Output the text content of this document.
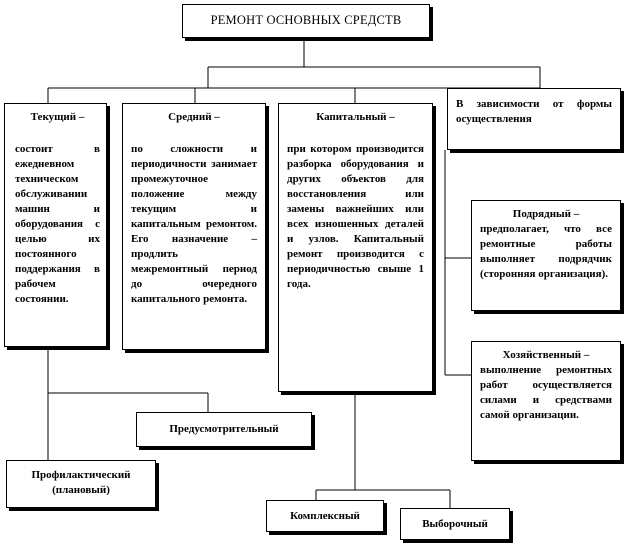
РЕМОНТ ОСНОВНЫХ СРЕДСТВ
Текущий –
состоит в ежедневном техническом обслуживании машин и оборудования с целью их постоянного поддержания в рабочем состоянии.
Средний –
по сложности и периодичности занимает промежуточное положение между текущим и капитальным ремонтом. Его назначение – продлить межремонтный период до очередного капитального ремонта.
Капитальный –
при котором производится разборка оборудования и других объектов для восстановления или замены важнейших или всех изношенных деталей и узлов. Капитальный ремонт производится с периодичностью свыше 1 года.
В зависимости от формы осуществления
Подрядный –
предполагает, что все ремонтные работы выполняет подрядчик (сторонняя организация).
Хозяйственный –
выполнение ремонтных работ осуществляется силами и средствами самой организации.
Предусмотрительный
Профилактический (плановый)
Комплексный
Выборочный
